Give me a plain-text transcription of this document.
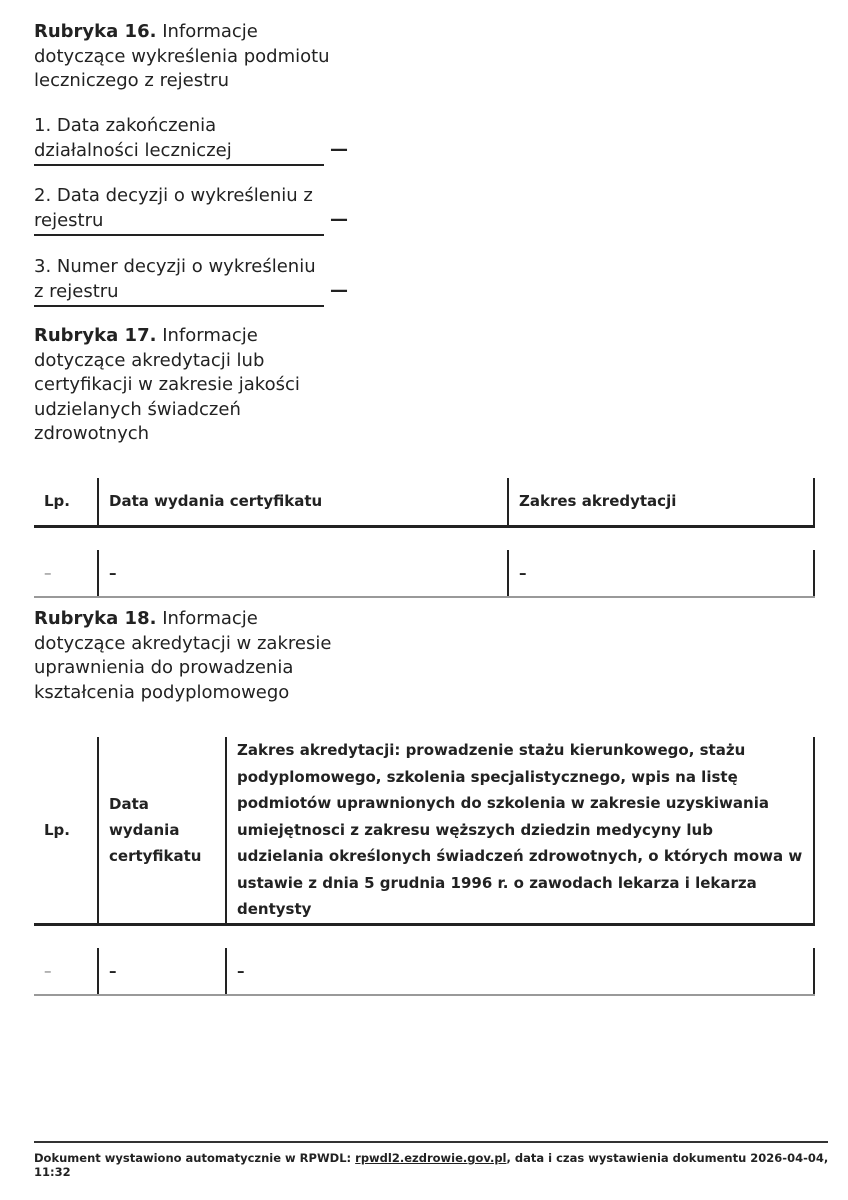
Rubryka 16. Informacje dotyczące wykreślenia podmiotu leczniczego z rejestru
1. Data zakończenia działalności leczniczej	—
2. Data decyzji o wykreśleniu z rejestru	—
3. Numer decyzji o wykreśleniu z rejestru	—
Rubryka 17. Informacje dotyczące akredytacji lub certyfikacji w zakresie jakości udzielanych świadczeń zdrowotnych
Lp.	Data wydania certyfikatu	Zakres akredytacji

–	–	–
Rubryka 18. Informacje dotyczące akredytacji w zakresie uprawnienia do prowadzenia kształcenia podyplomowego
Lp.	Data wydania certyfikatu	Zakres akredytacji: prowadzenie stażu kierunkowego, stażu podyplomowego, szkolenia specjalistycznego, wpis na listę podmiotów uprawnionych do szkolenia w zakresie uzyskiwania umiejętnosci z zakresu węższych dziedzin medycyny lub udzielania określonych świadczeń zdrowotnych, o których mowa w ustawie z dnia 5 grudnia 1996 r. o zawodach lekarza i lekarza dentysty

–	–	–
Dokument wystawiono automatycznie w RPWDL: rpwdl2.ezdrowie.gov.pl, data i czas wystawienia dokumentu 2026-04-04, 11:32
